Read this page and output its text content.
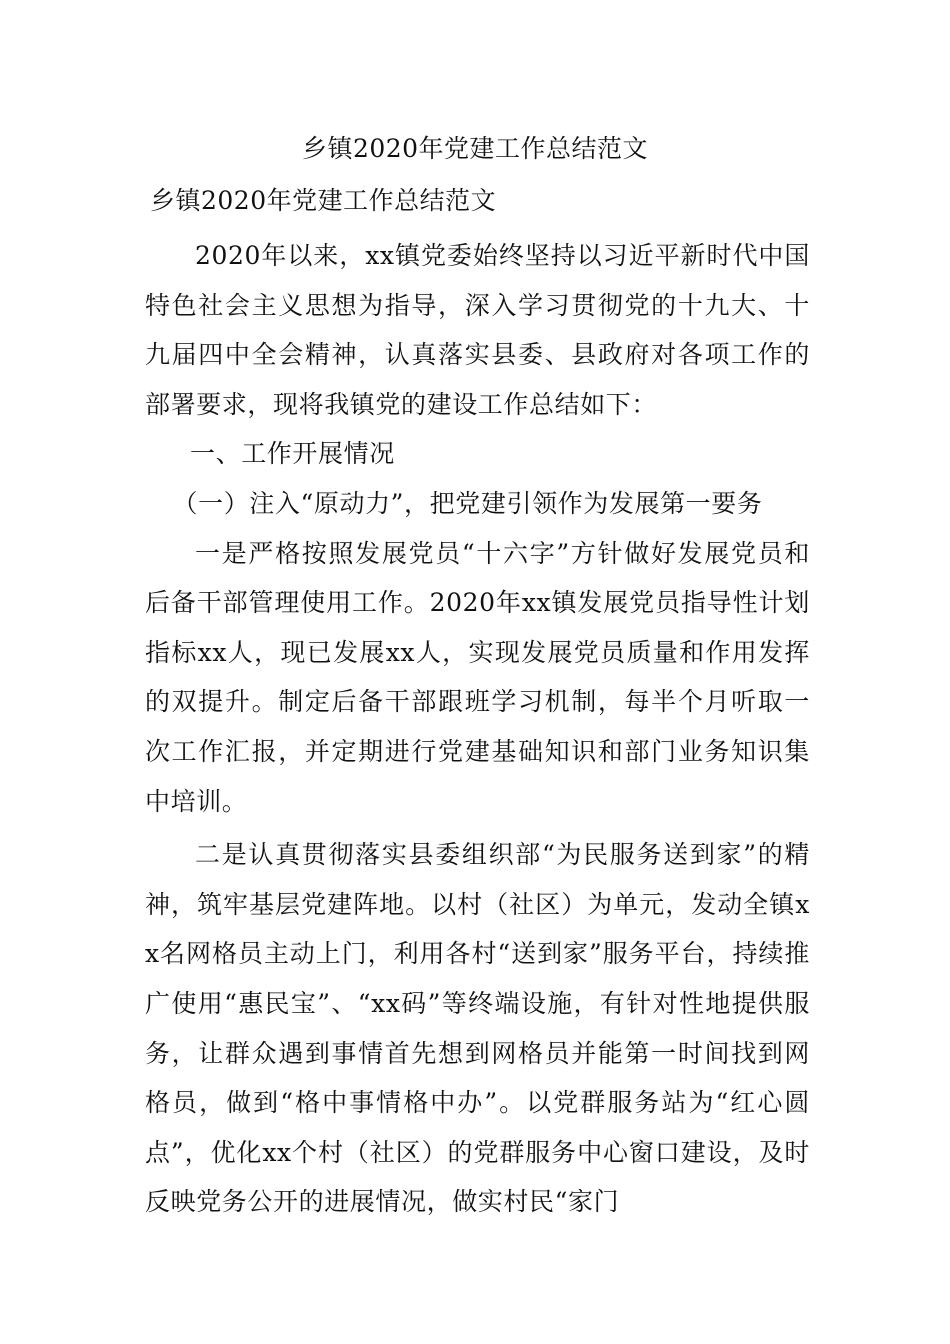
乡镇2020年党建工作总结范文
乡镇2020年党建工作总结范文

2020年以来，xx镇党委始终坚持以习近平新时代中国特色社会主义思想为指导，深入学习贯彻党的十九大、十九届四中全会精神，认真落实县委、县政府对各项工作的部署要求，现将我镇党的建设工作总结如下：

一、工作开展情况

（一）注入“原动力”，把党建引领作为发展第一要务

一是严格按照发展党员“十六字”方针做好发展党员和后备干部管理使用工作。2020年xx镇发展党员指导性计划指标xx人，现已发展xx人，实现发展党员质量和作用发挥的双提升。制定后备干部跟班学习机制，每半个月听取一次工作汇报，并定期进行党建基础知识和部门业务知识集中培训。

二是认真贯彻落实县委组织部“为民服务送到家”的精神，筑牢基层党建阵地。以村（社区）为单元，发动全镇xx名网格员主动上门，利用各村“送到家”服务平台，持续推广使用“惠民宝”、“xx码”等终端设施，有针对性地提供服务，让群众遇到事情首先想到网格员并能第一时间找到网格员，做到“格中事情格中办”。以党群服务站为“红心圆点”，优化xx个村（社区）的党群服务中心窗口建设，及时反映党务公开的进展情况，做实村民“家门
